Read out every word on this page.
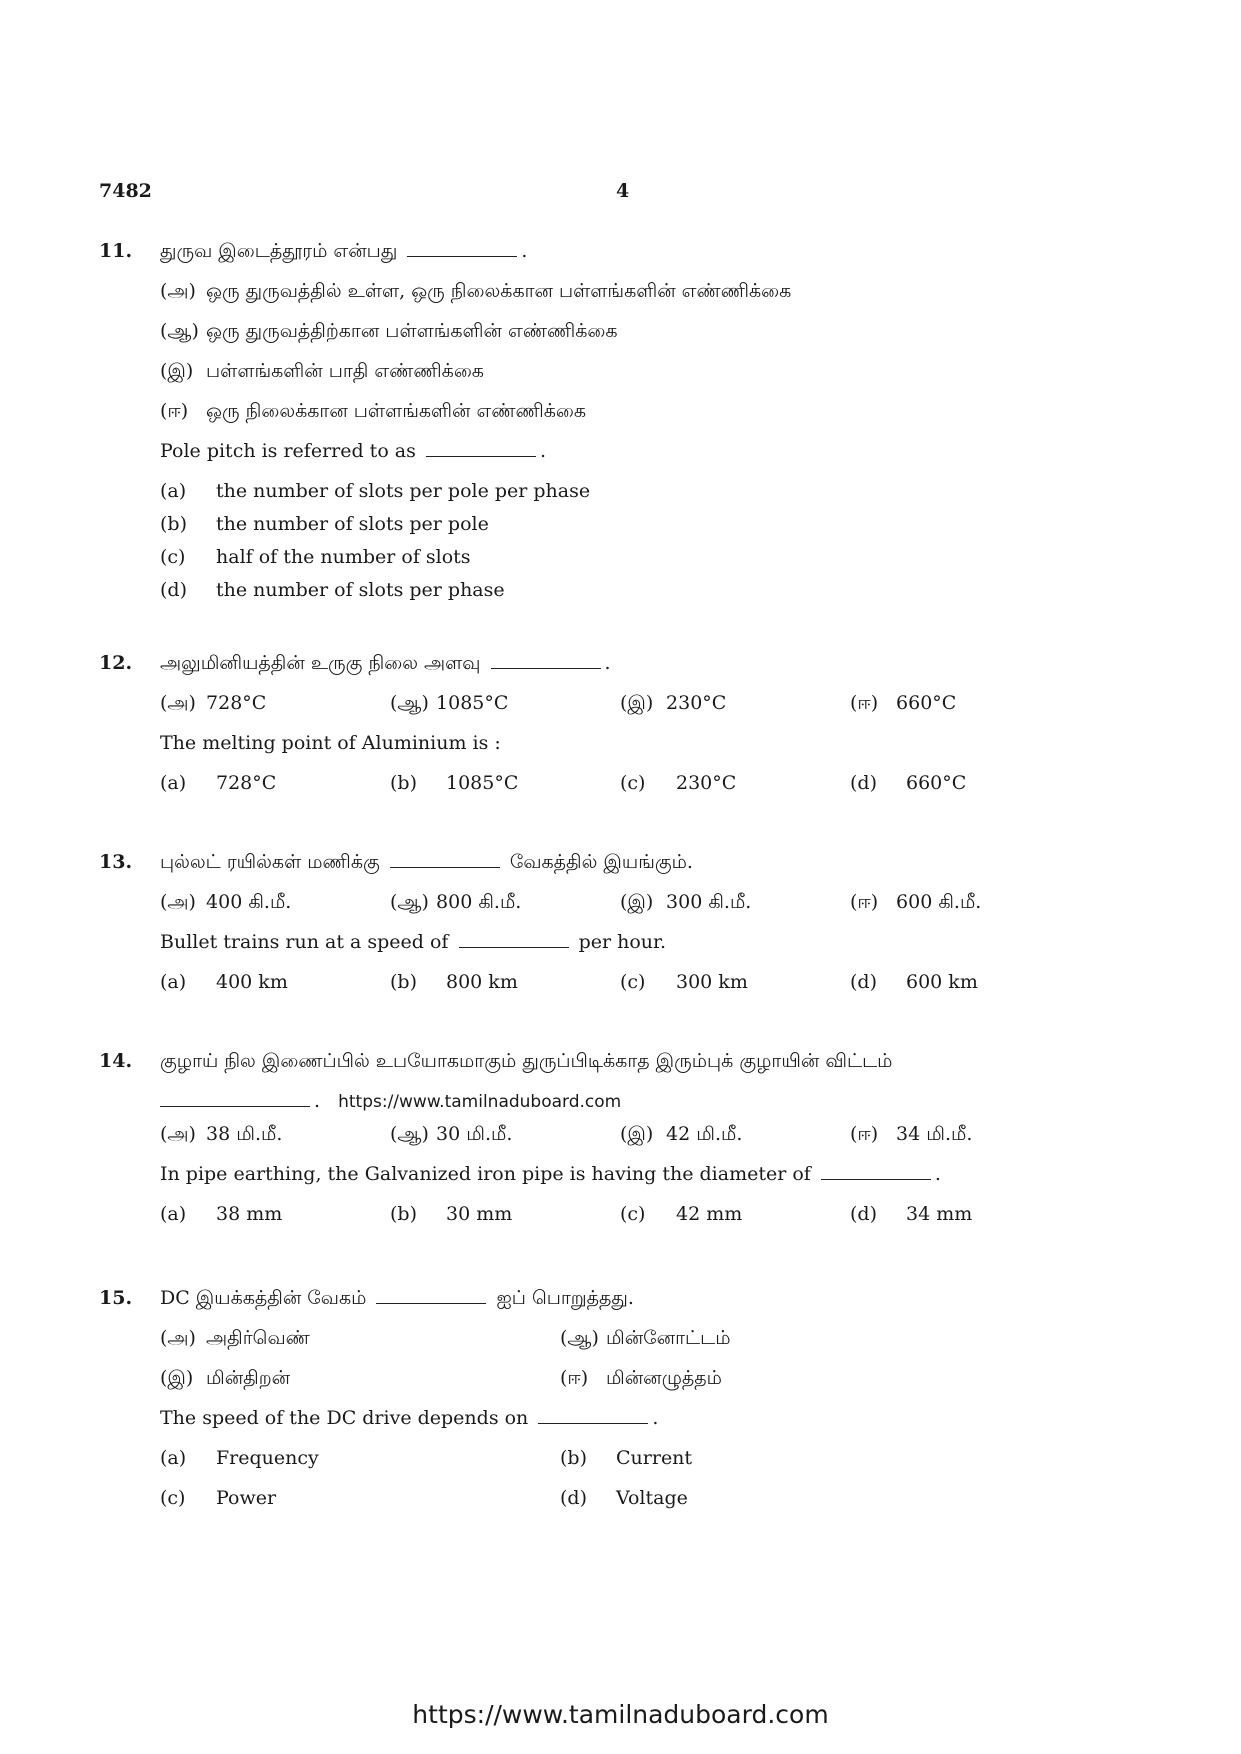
7482	4
11.	துருவ இடைத்தூரம் என்பது	.
(அ) ஒரு துருவத்தில் உள்ள, ஒரு நிலைக்கான பள்ளங்களின் எண்ணிக்கை
(ஆ) ஒரு துருவத்திற்கான பள்ளங்களின் எண்ணிக்கை
(இ) பள்ளங்களின் பாதி எண்ணிக்கை
(ஈ) ஒரு நிலைக்கான பள்ளங்களின் எண்ணிக்கை
Pole pitch is referred to as	.
(a) the number of slots per pole per phase
(b) the number of slots per pole
(c) half of the number of slots
(d) the number of slots per phase
12.	அலுமினியத்தின் உருகு நிலை அளவு	.
(அ) 728°C	(ஆ) 1085°C	(இ) 230°C	(ஈ) 660°C
The melting point of Aluminium is :
(a) 728°C	(b) 1085°C	(c) 230°C	(d) 660°C
13.	புல்லட் ரயில்கள் மணிக்கு	வேகத்தில் இயங்கும்.
(அ) 400 கி.மீ.	(ஆ) 800 கி.மீ.	(இ) 300 கி.மீ.	(ஈ) 600 கி.மீ.
Bullet trains run at a speed of	per hour.
(a) 400 km	(b) 800 km	(c) 300 km	(d) 600 km
14.	குழாய் நில இணைப்பில் உபயோகமாகும் துருப்பிடிக்காத இரும்புக் குழாயின் விட்டம்
. https://www.tamilnaduboard.com
(அ) 38 மி.மீ.	(ஆ) 30 மி.மீ.	(இ) 42 மி.மீ.	(ஈ) 34 மி.மீ.
In pipe earthing, the Galvanized iron pipe is having the diameter of	.
(a) 38 mm	(b) 30 mm	(c) 42 mm	(d) 34 mm
15.	DC இயக்கத்தின் வேகம்	ஐப் பொறுத்தது.
(அ) அதிர்வெண்	(ஆ) மின்னோட்டம்
(இ) மின்திறன்	(ஈ) மின்னழுத்தம்
The speed of the DC drive depends on	.
(a) Frequency	(b) Current
(c) Power	(d) Voltage
https://www.tamilnaduboard.com
